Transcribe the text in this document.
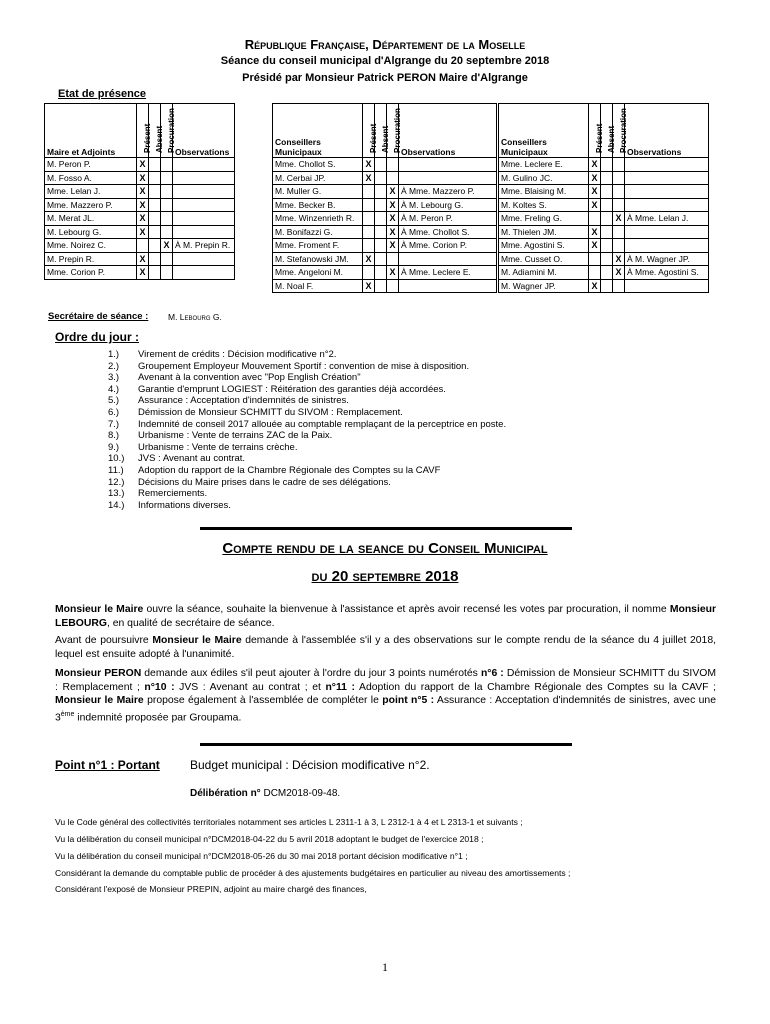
République Française, Département de la Moselle
Séance du conseil municipal d'Algrange du 20 septembre 2018
Présidé par Monsieur Patrick PERON Maire d'Algrange
Etat de présence
Maire et Adjoints	Présent	Absent	Procuration	Observations
M. Peron P.	X			
M. Fosso A.	X			
Mme. Lelan J.	X			
Mme. Mazzero P.	X			
M. Merat JL.	X			
M. Lebourg G.	X			
Mme. Noirez C.			X	À M. Prepin R.
M. Prepin R.	X			
Mme. Corion P.	X			
Conseillers Municipaux	Présent	Absent	Procuration	Observations
Mme. Chollot S.	X			
M. Cerbai JP.	X			
M. Muller G.			X	À Mme. Mazzero P.
Mme. Becker B.			X	À M. Lebourg G.
Mme. Winzenrieth R.			X	À M. Peron P.
M. Bonifazzi G.			X	À Mme. Chollot S.
Mme. Froment F.			X	À Mme. Corion P.
M. Stefanowski JM.	X			
Mme. Angeloni M.			X	À Mme. Leclere E.
M. Noal F.	X			
Conseillers Municipaux	Présent	Absent	Procuration	Observations
Mme. Leclere E.	X			
M. Gulino JC.	X			
Mme. Blaising M.	X			
M. Koltes S.	X			
Mme. Freling G.			X	À Mme. Lelan J.
M. Thielen JM.	X			
Mme. Agostini S.	X			
Mme. Cusset O.			X	À M. Wagner JP.
M. Adiamini M.			X	À Mme. Agostini S.
M. Wagner JP.	X			
Secrétaire de séance : M. Lebourg G.
Ordre du jour :
1.)	Virement de crédits : Décision modificative n°2.
2.)	Groupement Employeur Mouvement Sportif : convention de mise à disposition.
3.)	Avenant à la convention avec "Pop English Création"
4.)	Garantie d'emprunt LOGIEST : Réitération des garanties déjà accordées.
5.)	Assurance : Acceptation d'indemnités de sinistres.
6.)	Démission de Monsieur SCHMITT du SIVOM : Remplacement.
7.)	Indemnité de conseil 2017 allouée au comptable remplaçant de la perceptrice en poste.
8.)	Urbanisme : Vente de terrains ZAC de la Paix.
9.)	Urbanisme : Vente de terrains crèche.
10.)	JVS : Avenant au contrat.
11.)	Adoption du rapport de la Chambre Régionale des Comptes su la CAVF
12.)	Décisions du Maire prises dans le cadre de ses délégations.
13.)	Remerciements.
14.)	Informations diverses.
Compte rendu de la seance du Conseil Municipal
du 20 septembre 2018
Monsieur le Maire ouvre la séance, souhaite la bienvenue à l'assistance et après avoir recensé les votes par procuration, il nomme Monsieur LEBOURG, en qualité de secrétaire de séance.
Avant de poursuivre Monsieur le Maire demande à l'assemblée s'il y a des observations sur le compte rendu de la séance du 4 juillet 2018, lequel est ensuite adopté à l'unanimité.
Monsieur PERON demande aux édiles s'il peut ajouter à l'ordre du jour 3 points numérotés n°6 : Démission de Monsieur SCHMITT du SIVOM : Remplacement ; n°10 : JVS : Avenant au contrat ; et n°11 : Adoption du rapport de la Chambre Régionale des Comptes su la CAVF ; Monsieur le Maire propose également à l'assemblée de compléter le point n°5 : Assurance : Acceptation d'indemnités de sinistres, avec une 3ème indemnité proposée par Groupama.
Point n°1 : Portant	Budget municipal : Décision modificative n°2.
Délibération n° DCM2018-09-48.
Vu le Code général des collectivités territoriales notamment ses articles L 2311-1 à 3, L 2312-1 à 4 et L 2313-1 et suivants ;
Vu la délibération du conseil municipal n°DCM2018-04-22 du 5 avril 2018 adoptant le budget de l'exercice 2018 ;
Vu la délibération du conseil municipal n°DCM2018-05-26 du 30 mai 2018 portant décision modificative n°1 ;
Considérant la demande du comptable public de procéder à des ajustements budgétaires en particulier au niveau des amortissements ;
Considérant l'exposé de Monsieur PREPIN, adjoint au maire chargé des finances,
1
